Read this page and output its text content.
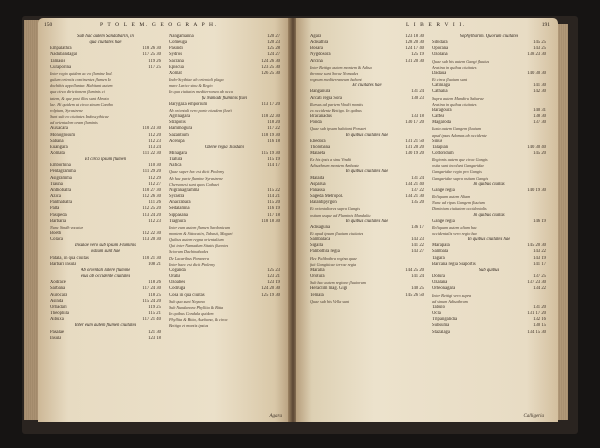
150	P T O L E M. G E O G R A P H.
Sub hac autem Sandabarin, in
qua ciuitates hae
Empalathra	118 26 30
Nadubandagar	117 25 30
Tamasis	119 26
Curaporina	117 25
Inter regio quidem ac eo flumine Ind.
gulum orientis continentes flumen In
dochthis appellantur. Habitant autem
qua circa dirictionem fluminis ci
tatem, & que post illos sunt Abrata
lae. Hi quidem ut circa sinum Cantho
rolpium, Syrastrene
Sunt sub eo ciuitates Indoscythicae
ad orientalem oram fluminis
Auxacara	110 23 30
Monoglosum	112 20
Sabana	112 23
Euangara	113 24
Xomata	111 22 30
Et circa ipsum flumen
Emborhina	110 30
Pentagramma	111 29 20
Asigramma	112 29
Tiauna	112 27
Anthobatra	110 27 30
Azica	112 26 30
Panthabatra	111 26
Palta	112 25 20
Pasipeda	113 24 20
Barbaria	112 23
Nunc Sindh vocatur
Boeth	112 22 30
Colaca	113 20 30
Insulae vero sub ipsum Fluminis
ostium sunt hae
Patala, in qua ciuitas	110 21 30
Barbari insula	108 21
Ab orientali latere flumine
eius ab occidente ciuitates
Xodrace	118 26
Sarbana	117 24 30
Aurocara	118 25
Asinda	115 24 20
Orbadari	119 25
Theophila	115 21
Aibuxa	117 21 40
Inter eum autem flumen ciuitates
Pasalae	121 30
Insula	123 18
Nangamanna	120 27
Comeuga	120 23
Pasindi	125 28
Sydros	124 27
Sacrana	124 26 30
Episcua	123 25 30
Xomat	126 25 30
Indo-Scythiae ab orientali plaga
mare Larice sinu & Regio
In qua ciuitates mediterranea ab occa
fu Namadi fluminis fluvi
Barygaza emporium	113 17 20
Ab orientali vero parte eiusdem fluvii
Agrinagara	118 22 30
Strapolis	118 20
Bammogura	117 22
Sazantium	118 19 30
Acenipa	116 18
Ozene regia Tiastani
Minagara	115 19 30
Tiatura	115 19
Nafica	114 17
Quae super hec est dicit Ptolemy
Ab hac parte flumine Syrastrene
Chersonesi sunt quos Cathaei
Nigranagramma	115 22
Syrastra	114 21
Anacrabara	115 20
Sedalamna	116 19
Sippasana	117 18
Tiagnura	118 18 30
Inter eum autem flumen Sardonicum
montem & Sittocatin, Tabasti, Maguri
Quibus autem regna orientalium
Qui inter Namadum Sitatis fluentes
Sciorum Dachinabades
De Lacaribus Paranera
Inter haec est dicit Ptolemy
Coganda	125 23
Oraba	123 21
Ozoabes	123 19
Codruga	124 20 30
Cosa in qua ciuitas	125 19 30
Sub qua sunt Nayana
Sub Nundanora Phyllita & Bitta
In quibus Condala quidem
Phyllita & Bitta, Auebana, & circa
Bettigo et montis ipsius
Agara
L I B E R V I I.	191
Agara	123 18 30
Adisathra	128 20 30
Bosara	124 17 40
Nygdosora	125 19
Arcina	131 20 30
Inter Bettigo autem montem & Adisa
thronoe sunt Sorae Nomades
regnum mediterraneum habent
Et ciuitates hae
Banganura	131 24
Arcati regia Sora	130 23
Rursus ad partem Vindii montis
ex occidente Bettigo. In quibus
Bracanadus	133 18
Ponda	130 17 20
Quae sub ipsum habitant Poruari
In quibus ciuitates hae
Ebedora	131 21 50
Tholobana	131 20 20
Malaeta	130 19 20
Ex his ipsis a sinu Vindii
Adisathrum montem Ambaste
In quibus ciuitates hae
Malaita	131 24
Asparua	134 21 40
Panassa	137 22
Sageda Metropol.	134 21 30
Balantipyrgon	135 20
Et orientaliores supra Gangis
ostium usque ad Fluminis Mandaliu
In quibus ciuitates hae
Adisaguna	136 17
Et apud ipsum fluuium ciuitates
Sambalaca	143 23
Sigalla	141 22
Palibothra regia	143 27
Hec Palibothra regina quae
fuit Gangiticae terrae regia
Maralla	144 25 20
Orotura	141 24
Sub hac autem regione fluuiorum
Heraclim mag. Gigi	140 25
Temala	145 26 50
Quae sub his Vella sunt
Sophytharim. Quorum ciuitates
Sibidara	145 25
Oporana	143 25
Ozolana	138 23 30
Quae sub his autem Gangi fluuius
Aratina in quibus ciuitates
Dadaua	140 30 30
Et circa fluuium sunt
Catiniaga	141 30
Cathalia	142 30
Supra autem Mandiru Sabarae
Aratina in quibus ciuitates
Baragoura	140 31
Caffea	138 30
Magaroda	137 30
Iuxta autem Gangem fluuium
apud ipsas Adamas ab occidente
Sinus
Talapian	140 30 40
Cottoridum	145 20
Regionis autem que circa Gangis
ostia sunt incolunt Gangaridae
Gangaridae regio pro Gangis
Gangaridae supra ostium Gangis
In quibus ciuitas
Gange regia	140 19 30
Reliquam autem Aliam
Nunc ad ripas Gangem fluuium
Diminium ciuitatem occidentalis
In quibus ciuitas
Gange regia	146 19
Reliquam autem aliam hac
occidentalis vero regio hae
In quibus ciuitates hae
Marapala	145 20 30
Sambala	143 22
Tagara	143 19
Barcana regia Siaportis	141 17
Sub quibus
Dolura	137 25
Ozalana	137 23 30
Orteonagara	134 22
Inter Bettigi vero supra
ad sinum Adisathrum
Tabulo	131 20
Ocla	131 17 20
Tripangalidia	132 16
Subsuma	130 15
Stazalaga	134 15 30
Calligeria
